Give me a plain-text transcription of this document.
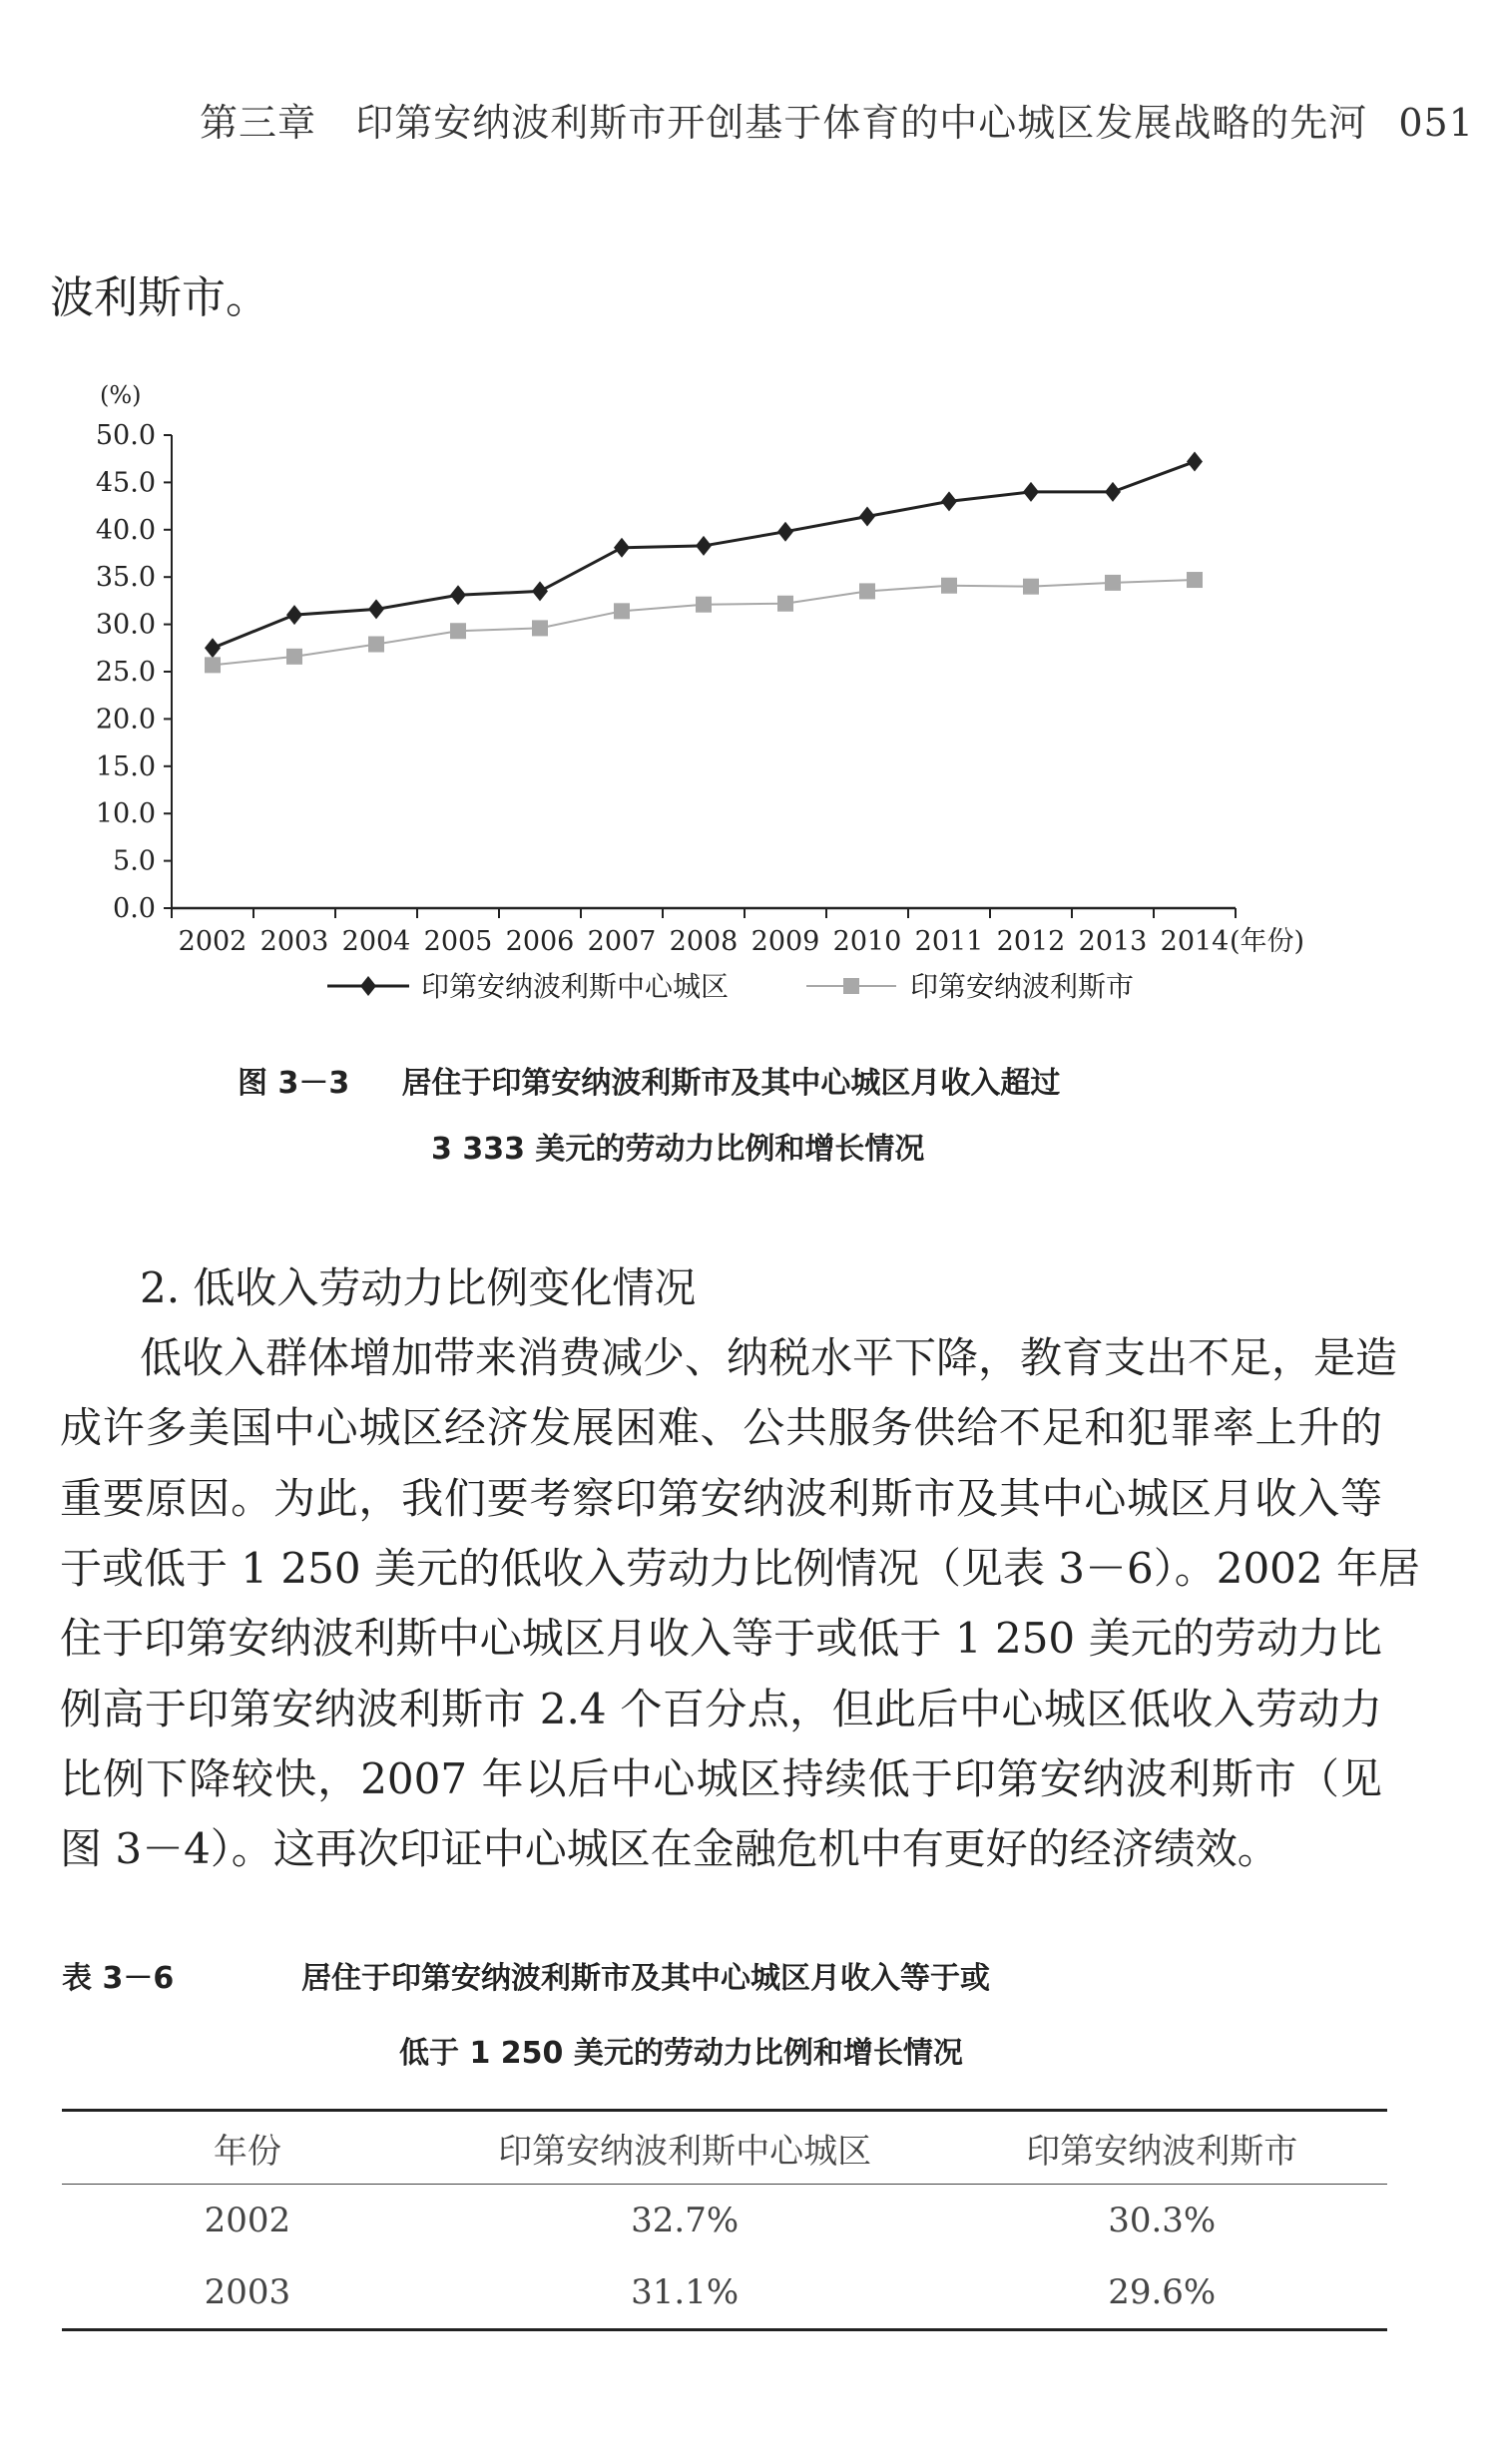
第三章 印第安纳波利斯市开创基于体育的中心城区发展战略的先河 051
波利斯市。
(%)
0.0
5.0
10.0
15.0
20.0
25.0
30.0
35.0
40.0
45.0
50.0
2002 2003 2004 2005 2006 2007 2008 2009 2010 2011 2012 2013 2014 (年份)
印第安纳波利斯中心城区	印第安纳波利斯市
图 3－3 居住于印第安纳波利斯市及其中心城区月收入超过
3 333 美元的劳动力比例和增长情况
2. 低收入劳动力比例变化情况
低收入群体增加带来消费减少、纳税水平下降，教育支出不足，是造
成许多美国中心城区经济发展困难、公共服务供给不足和犯罪率上升的
重要原因。为此，我们要考察印第安纳波利斯市及其中心城区月收入等
于或低于 1 250 美元的低收入劳动力比例情况（见表 3－6）。2002 年居
住于印第安纳波利斯中心城区月收入等于或低于 1 250 美元的劳动力比
例高于印第安纳波利斯市 2.4 个百分点，但此后中心城区低收入劳动力
比例下降较快，2007 年以后中心城区持续低于印第安纳波利斯市（见
图 3－4）。这再次印证中心城区在金融危机中有更好的经济绩效。
表 3－6	居住于印第安纳波利斯市及其中心城区月收入等于或
低于 1 250 美元的劳动力比例和增长情况
年份	印第安纳波利斯中心城区	印第安纳波利斯市
2002	32.7%	30.3%
2003	31.1%	29.6%
